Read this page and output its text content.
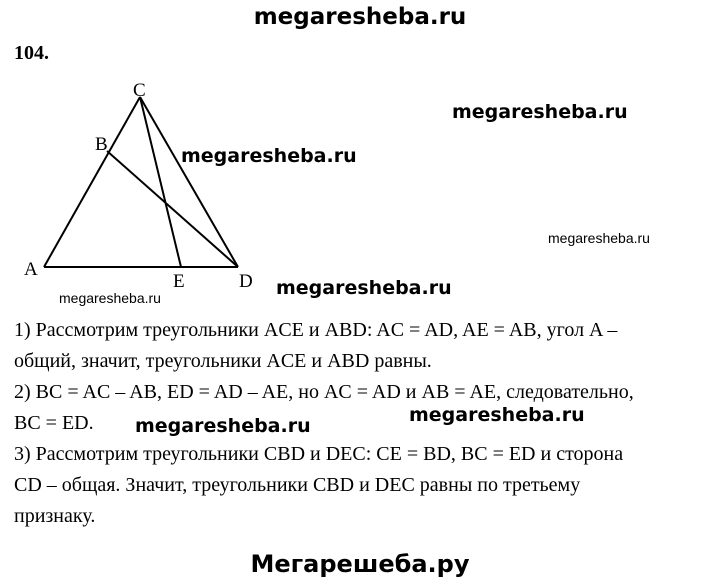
megaresheba.ru
104.
A
B
C
D
E
megaresheba.ru
megaresheba.ru
megaresheba.ru
megaresheba.ru
megaresheba.ru
1) Рассмотрим треугольники ACE и ABD: AC = AD, AE = AB, угол A –
общий, значит, треугольники ACE и ABD равны.
2) BC = AC – AB, ED = AD – AE, но AC = AD и AB = AE, следовательно,
BC = ED.
3) Рассмотрим треугольники CBD и DEC: CE = BD, BC = ED и сторона
CD – общая. Значит, треугольники CBD и DEC равны по третьему
признаку.
megaresheba.ru
megaresheba.ru
Мегарешеба.ру
